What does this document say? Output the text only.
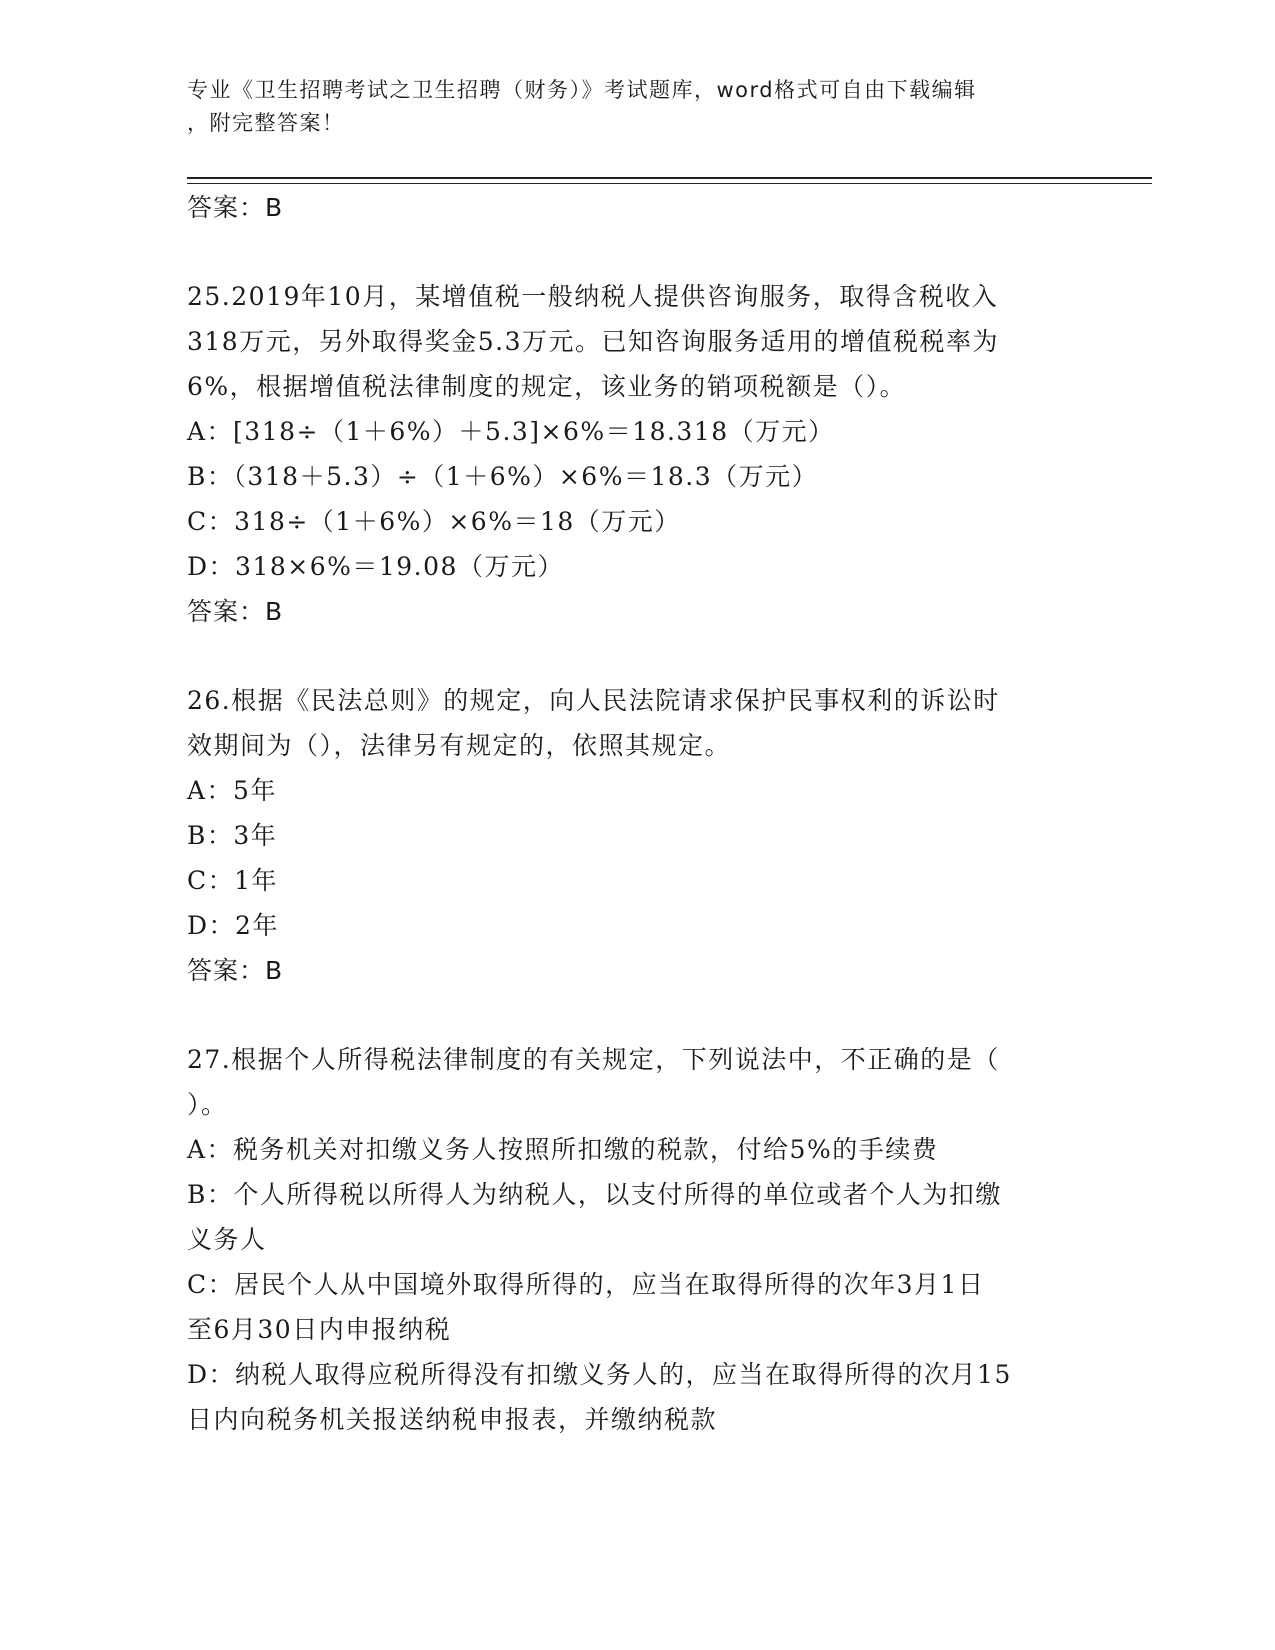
专业《卫生招聘考试之卫生招聘（财务）》考试题库，word格式可自由下载编辑
，附完整答案！
答案：B
25.2019年10月，某增值税一般纳税人提供咨询服务，取得含税收入
318万元，另外取得奖金5.3万元。已知咨询服务适用的增值税税率为
6%，根据增值税法律制度的规定，该业务的销项税额是（）。
A：[318÷（1＋6%）＋5.3]×6%＝18.318（万元）
B：（318＋5.3）÷（1＋6%）×6%＝18.3（万元）
C：318÷（1＋6%）×6%＝18（万元）
D：318×6%＝19.08（万元）
答案：B
26.根据《民法总则》的规定，向人民法院请求保护民事权利的诉讼时
效期间为（），法律另有规定的，依照其规定。
A：5年
B：3年
C：1年
D：2年
答案：B
27.根据个人所得税法律制度的有关规定，下列说法中，不正确的是（
）。
A：税务机关对扣缴义务人按照所扣缴的税款，付给5%的手续费
B：个人所得税以所得人为纳税人，以支付所得的单位或者个人为扣缴
义务人
C：居民个人从中国境外取得所得的，应当在取得所得的次年3月1日
至6月30日内申报纳税
D：纳税人取得应税所得没有扣缴义务人的，应当在取得所得的次月15
日内向税务机关报送纳税申报表，并缴纳税款
